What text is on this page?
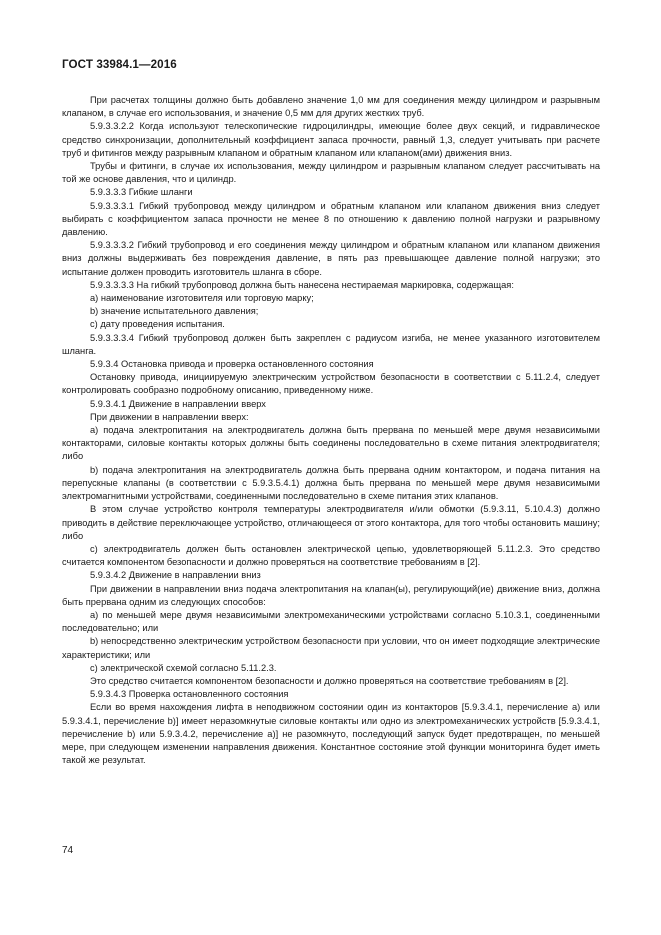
ГОСТ 33984.1—2016

При расчетах толщины должно быть добавлено значение 1,0 мм для соединения между цилиндром и разрывным клапаном, в случае его использования, и значение 0,5 мм для других жестких труб.

5.9.3.3.2.2 Когда используют телескопические гидроцилиндры, имеющие более двух секций, и гидравлическое средство синхронизации, дополнительный коэффициент запаса прочности, равный 1,3, следует учитывать при расчете труб и фитингов между разрывным клапаном и обратным клапаном или клапаном(ами) движения вниз.

Трубы и фитинги, в случае их использования, между цилиндром и разрывным клапаном следует рассчитывать на той же основе давления, что и цилиндр.

5.9.3.3.3 Гибкие шланги

5.9.3.3.3.1 Гибкий трубопровод между цилиндром и обратным клапаном или клапаном движения вниз следует выбирать с коэффициентом запаса прочности не менее 8 по отношению к давлению полной нагрузки и разрывному давлению.

5.9.3.3.3.2 Гибкий трубопровод и его соединения между цилиндром и обратным клапаном или клапаном движения вниз должны выдерживать без повреждения давление, в пять раз превышающее давление полной нагрузки; это испытание должен проводить изготовитель шланга в сборе.

5.9.3.3.3.3 На гибкий трубопровод должна быть нанесена нестираемая маркировка, содержащая:

а) наименование изготовителя или торговую марку;

b) значение испытательного давления;

с) дату проведения испытания.

5.9.3.3.3.4 Гибкий трубопровод должен быть закреплен с радиусом изгиба, не менее указанного изготовителем шланга.

5.9.3.4 Остановка привода и проверка остановленного состояния

Остановку привода, инициируемую электрическим устройством безопасности в соответствии с 5.11.2.4, следует контролировать сообразно подробному описанию, приведенному ниже.

5.9.3.4.1 Движение в направлении вверх

При движении в направлении вверх:

а) подача электропитания на электродвигатель должна быть прервана по меньшей мере двумя независимыми контакторами, силовые контакты которых должны быть соединены последовательно в схеме питания электродвигателя; либо

b) подача электропитания на электродвигатель должна быть прервана одним контактором, и подача питания на перепускные клапаны (в соответствии с 5.9.3.5.4.1) должна быть прервана по меньшей мере двумя независимыми электромагнитными устройствами, соединенными последовательно в схеме питания этих клапанов.

В этом случае устройство контроля температуры электродвигателя и/или обмотки (5.9.3.11, 5.10.4.3) должно приводить в действие переключающее устройство, отличающееся от этого контактора, для того чтобы остановить машину; либо

с) электродвигатель должен быть остановлен электрической цепью, удовлетворяющей 5.11.2.3. Это средство считается компонентом безопасности и должно проверяться на соответствие требованиям в [2].

5.9.3.4.2 Движение в направлении вниз

При движении в направлении вниз подача электропитания на клапан(ы), регулирующий(ие) движение вниз, должна быть прервана одним из следующих способов:

а) по меньшей мере двумя независимыми электромеханическими устройствами согласно 5.10.3.1, соединенными последовательно; или

b) непосредственно электрическим устройством безопасности при условии, что он имеет подходящие электрические характеристики; или

с) электрической схемой согласно 5.11.2.3.

Это средство считается компонентом безопасности и должно проверяться на соответствие требованиям в [2].

5.9.3.4.3 Проверка остановленного состояния

Если во время нахождения лифта в неподвижном состоянии один из контакторов [5.9.3.4.1, перечисление а) или 5.9.3.4.1, перечисление b)] имеет неразомкнутые силовые контакты или одно из электромеханических устройств [5.9.3.4.1, перечисление b) или 5.9.3.4.2, перечисление а)] не разомкнуто, последующий запуск будет предотвращен, по меньшей мере, при следующем изменении направления движения. Константное состояние этой функции мониторинга будет иметь такой же результат.

74
